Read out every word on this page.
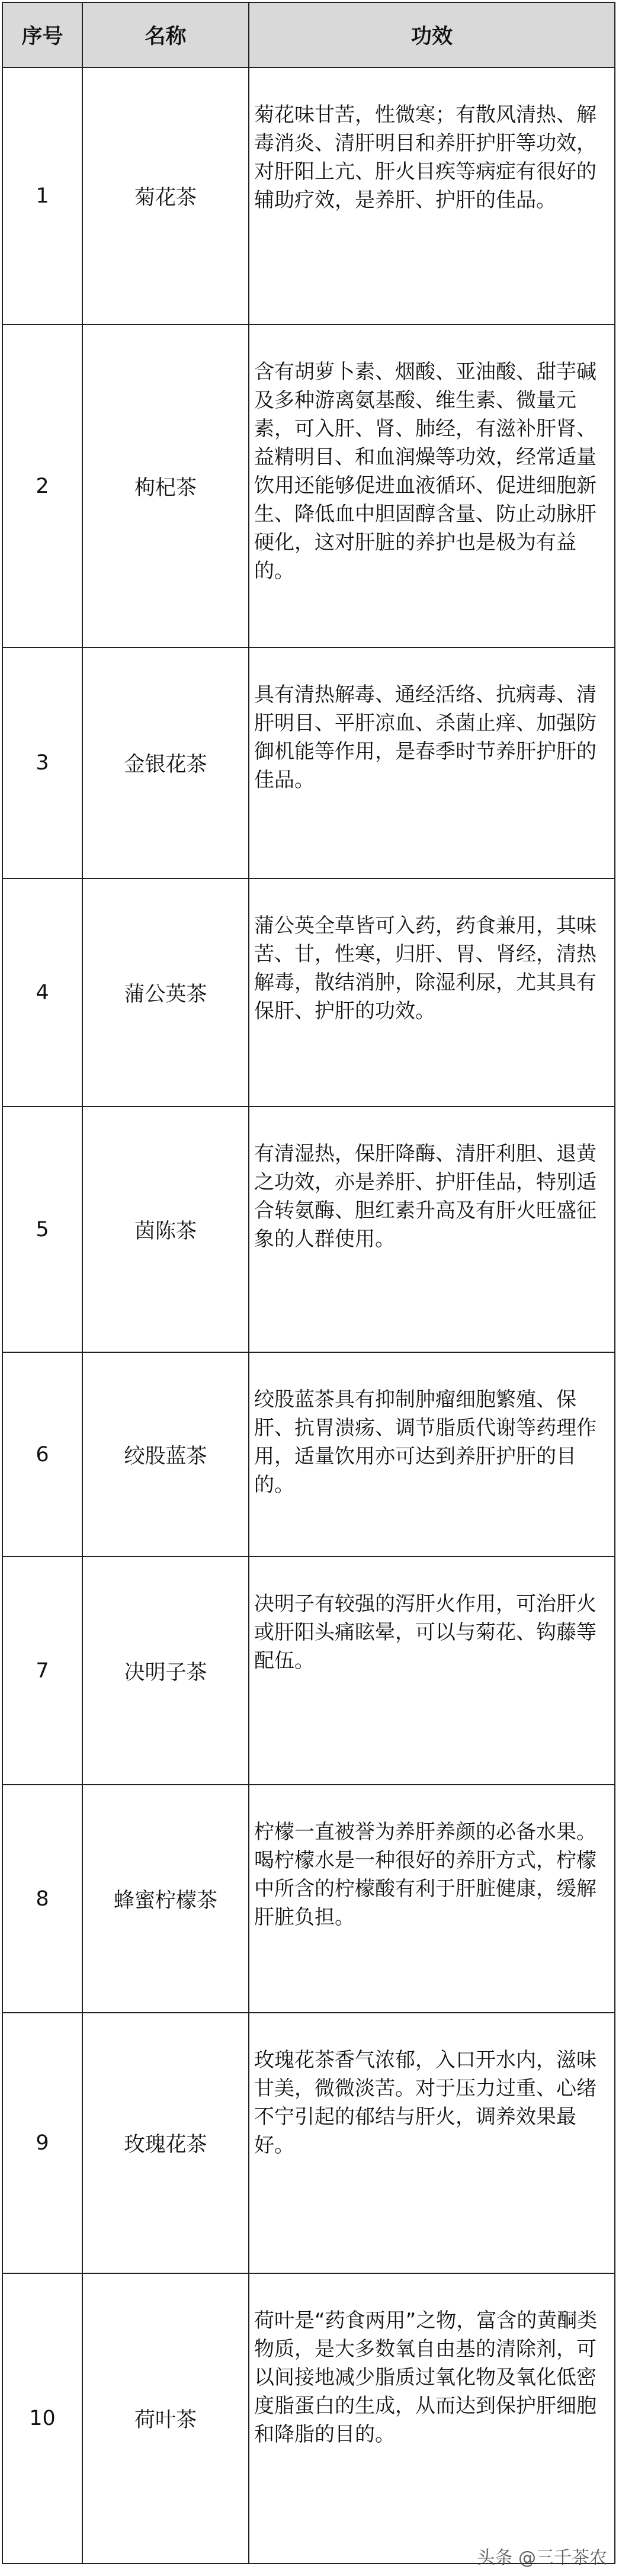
序号	名称	功效
1	菊花茶	菊花味甘苦，性微寒；有散风清热、解毒消炎、清肝明目和养肝护肝等功效，对肝阳上亢、肝火目疾等病症有很好的辅助疗效，是养肝、护肝的佳品。
2	枸杞茶	含有胡萝卜素、烟酸、亚油酸、甜芋碱及多种游离氨基酸、维生素、微量元素，可入肝、肾、肺经，有滋补肝肾、益精明目、和血润燥等功效，经常适量饮用还能够促进血液循环、促进细胞新生、降低血中胆固醇含量、防止动脉肝硬化，这对肝脏的养护也是极为有益的。
3	金银花茶	具有清热解毒、通经活络、抗病毒、清肝明目、平肝凉血、杀菌止痒、加强防御机能等作用，是春季时节养肝护肝的佳品。
4	蒲公英茶	蒲公英全草皆可入药，药食兼用，其味苦、甘，性寒，归肝、胃、肾经，清热解毒，散结消肿，除湿利尿，尤其具有保肝、护肝的功效。
5	茵陈茶	有清湿热，保肝降酶、清肝利胆、退黄之功效，亦是养肝、护肝佳品，特别适合转氨酶、胆红素升高及有肝火旺盛征象的人群使用。
6	绞股蓝茶	绞股蓝茶具有抑制肿瘤细胞繁殖、保肝、抗胃溃疡、调节脂质代谢等药理作用，适量饮用亦可达到养肝护肝的目的。
7	决明子茶	决明子有较强的泻肝火作用，可治肝火或肝阳头痛眩晕，可以与菊花、钩藤等配伍。
8	蜂蜜柠檬茶	柠檬一直被誉为养肝养颜的必备水果。喝柠檬水是一种很好的养肝方式，柠檬中所含的柠檬酸有利于肝脏健康，缓解肝脏负担。
9	玫瑰花茶	玫瑰花茶香气浓郁，入口开水内，滋味甘美，微微淡苦。对于压力过重、心绪不宁引起的郁结与肝火，调养效果最好。
10	荷叶茶	荷叶是“药食两用”之物，富含的黄酮类物质，是大多数氧自由基的清除剂，可以间接地减少脂质过氧化物及氧化低密度脂蛋白的生成，从而达到保护肝细胞和降脂的目的。
头条 @三千茶农
